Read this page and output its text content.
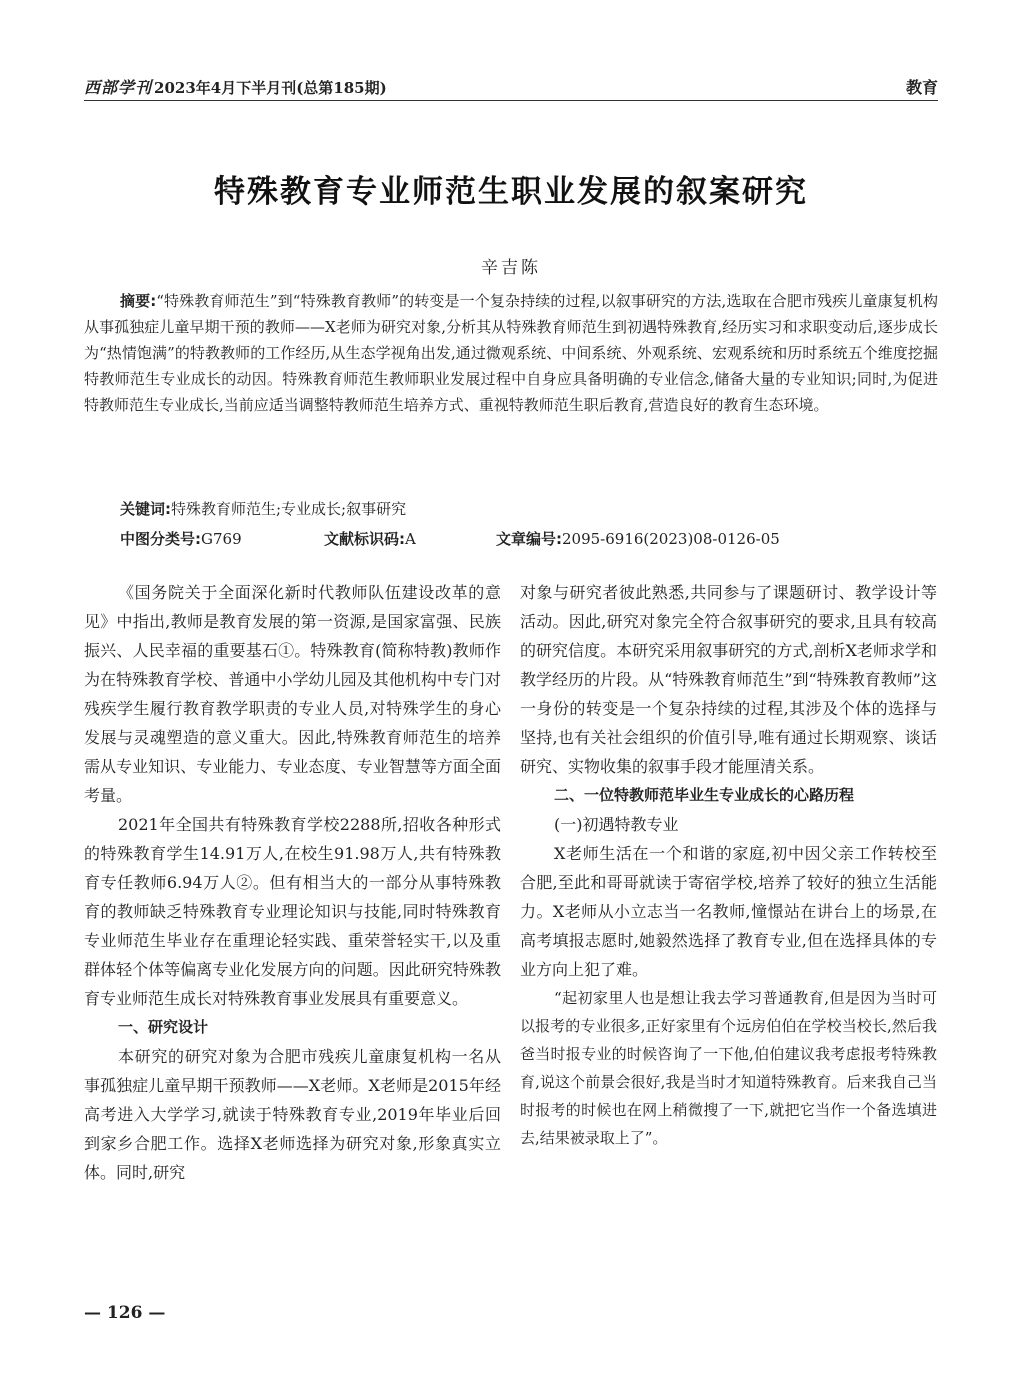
西部学刊 2023年4月下半月刊(总第185期)	教育
特殊教育专业师范生职业发展的叙案研究
辛吉陈
摘要:“特殊教育师范生”到“特殊教育教师”的转变是一个复杂持续的过程,以叙事研究的方法,选取在合肥市残疾儿童康复机构从事孤独症儿童早期干预的教师——X老师为研究对象,分析其从特殊教育师范生到初遇特殊教育,经历实习和求职变动后,逐步成长为“热情饱满”的特教教师的工作经历,从生态学视角出发,通过微观系统、中间系统、外观系统、宏观系统和历时系统五个维度挖掘特教师范生专业成长的动因。特殊教育师范生教师职业发展过程中自身应具备明确的专业信念,储备大量的专业知识;同时,为促进特教师范生专业成长,当前应适当调整特教师范生培养方式、重视特教师范生职后教育,营造良好的教育生态环境。
关键词:特殊教育师范生;专业成长;叙事研究
中图分类号:G769	文献标识码:A	文章编号:2095-6916(2023)08-0126-05

《国务院关于全面深化新时代教师队伍建设改革的意见》中指出,教师是教育发展的第一资源,是国家富强、民族振兴、人民幸福的重要基石①。特殊教育(简称特教)教师作为在特殊教育学校、普通中小学幼儿园及其他机构中专门对残疾学生履行教育教学职责的专业人员,对特殊学生的身心发展与灵魂塑造的意义重大。因此,特殊教育师范生的培养需从专业知识、专业能力、专业态度、专业智慧等方面全面考量。

2021年全国共有特殊教育学校2288所,招收各种形式的特殊教育学生14.91万人,在校生91.98万人,共有特殊教育专任教师6.94万人②。但有相当大的一部分从事特殊教育的教师缺乏特殊教育专业理论知识与技能,同时特殊教育专业师范生毕业存在重理论轻实践、重荣誉轻实干,以及重群体轻个体等偏离专业化发展方向的问题。因此研究特殊教育专业师范生成长对特殊教育事业发展具有重要意义。

一、研究设计

本研究的研究对象为合肥市残疾儿童康复机构一名从事孤独症儿童早期干预教师——X老师。X老师是2015年经高考进入大学学习,就读于特殊教育专业,2019年毕业后回到家乡合肥工作。选择X老师选择为研究对象,形象真实立体。同时,研究

对象与研究者彼此熟悉,共同参与了课题研讨、教学设计等活动。因此,研究对象完全符合叙事研究的要求,且具有较高的研究信度。本研究采用叙事研究的方式,剖析X老师求学和教学经历的片段。从“特殊教育师范生”到“特殊教育教师”这一身份的转变是一个复杂持续的过程,其涉及个体的选择与坚持,也有关社会组织的价值引导,唯有通过长期观察、谈话研究、实物收集的叙事手段才能厘清关系。

二、一位特教师范毕业生专业成长的心路历程
(一)初遇特教专业

X老师生活在一个和谐的家庭,初中因父亲工作转校至合肥,至此和哥哥就读于寄宿学校,培养了较好的独立生活能力。X老师从小立志当一名教师,憧憬站在讲台上的场景,在高考填报志愿时,她毅然选择了教育专业,但在选择具体的专业方向上犯了难。

“起初家里人也是想让我去学习普通教育,但是因为当时可以报考的专业很多,正好家里有个远房伯伯在学校当校长,然后我爸当时报专业的时候咨询了一下他,伯伯建议我考虑报考特殊教育,说这个前景会很好,我是当时才知道特殊教育。后来我自己当时报考的时候也在网上稍微搜了一下,就把它当作一个备选填进去,结果被录取上了”。

— 126 —
